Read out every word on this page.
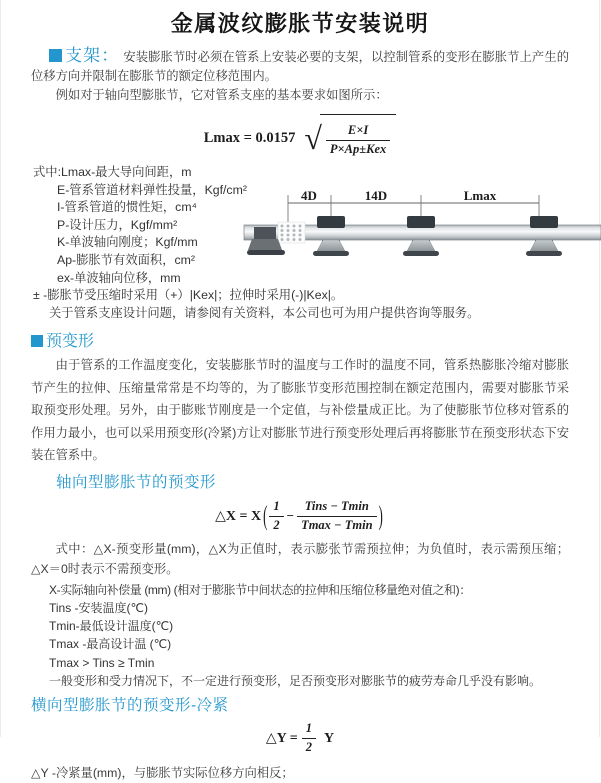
金属波纹膨胀节安装说明

支架： 安装膨胀节时必须在管系上安装必要的支架，以控制管系的变形在膨胀节上产生的位移方向并限制在膨胀节的额定位移范围内。

例如对于轴向型膨胀节，它对管系支座的基本要求如图所示：

Lmax = 0.0157 √ $\frac{E\times I}{\text{P×Ap±Kex}}$
式中:Lmax-最大导向间距，m
E-管系管道材料弹性投量，Kgf/cm²
I-管系管道的惯性矩，cm⁴
P-设计压力，Kgf/mm²
K-单波轴向刚度；Kgf/mm
Ap-膨胀节有效面积，cm²
ex-单波轴向位移，mm
± -膨胀节受压缩时采用（+）|Kex|；拉伸时采用(-)|Kex|。
关于管系支座设计问题，请参阅有关资料，本公司也可为用户提供咨询等服务。
4D	14D	Lmax
预变形

由于管系的工作温度变化，安装膨胀节时的温度与工作时的温度不同，管系热膨胀冷缩对膨胀节产生的拉伸、压缩量常常是不均等的，为了膨胀节变形范围控制在额定范围内，需要对膨胀节采取预变形处理。另外，由于膨账节刚度是一个定值，与补偿量成正比。为了使膨胀节位移对管系的作用力最小，也可以采用预变形(冷紧)方让对膨胀节进行预变形处理后再将膨胀节在预变形状态下安装在管系中。

轴向型膨胀节的预变形
△X = X ( $\frac{1}{2} - \frac{\text{Tins − Tmin}}{Tmax - Tmin}$ )

式中：△X-预变形量(mm)，△X为正值时，表示膨张节需预拉伸；为负值时，表示需预压缩；△X＝0时表示不需预变形。

X-实际轴向补偿量 (mm) (相对于膨胀节中间状态的拉伸和压缩位移量绝对值之和)：
Tins -安装温度(℃)
Tmin-最低设计温度(℃)
Tmax -最高设计温 (℃)
Tmax > Tins ≥ Tmin
一般变形和受力情况下，不一定进行预变形，足否预变形对膨胀节的疲劳寿命几乎没有影响。
横向型膨胀节的预变形-冷紧
△Y = $\frac{1}{2}$ Y

△Y -冷紧量(mm)，与膨胀节实际位移方向相反；
